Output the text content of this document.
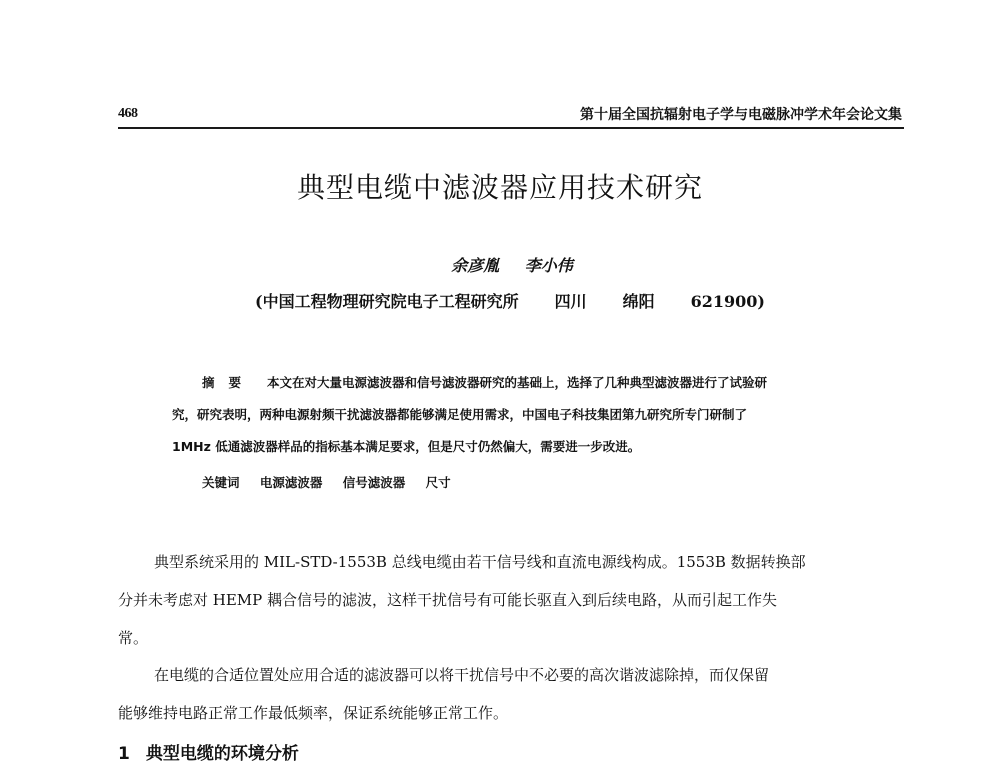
468	第十届全国抗辐射电子学与电磁脉冲学术年会论文集
典型电缆中滤波器应用技术研究
余彦胤 李小伟
(中国工程物理研究院电子工程研究所 四川 绵阳 621900)
摘要 本文在对大量电源滤波器和信号滤波器研究的基础上，选择了几种典型滤波器进行了试验研
究，研究表明，两种电源射频干扰滤波器都能够满足使用需求，中国电子科技集团第九研究所专门研制了
1MHz 低通滤波器样品的指标基本满足要求，但是尺寸仍然偏大，需要进一步改进。
关键词 电源滤波器 信号滤波器 尺寸
典型系统采用的 MIL-STD-1553B 总线电缆由若干信号线和直流电源线构成。1553B 数据转换部
分并未考虑对 HEMP 耦合信号的滤波，这样干扰信号有可能长驱直入到后续电路，从而引起工作失
常。
在电缆的合适位置处应用合适的滤波器可以将干扰信号中不必要的高次谐波滤除掉，而仅保留
能够维持电路正常工作最低频率，保证系统能够正常工作。
1 典型电缆的环境分析
